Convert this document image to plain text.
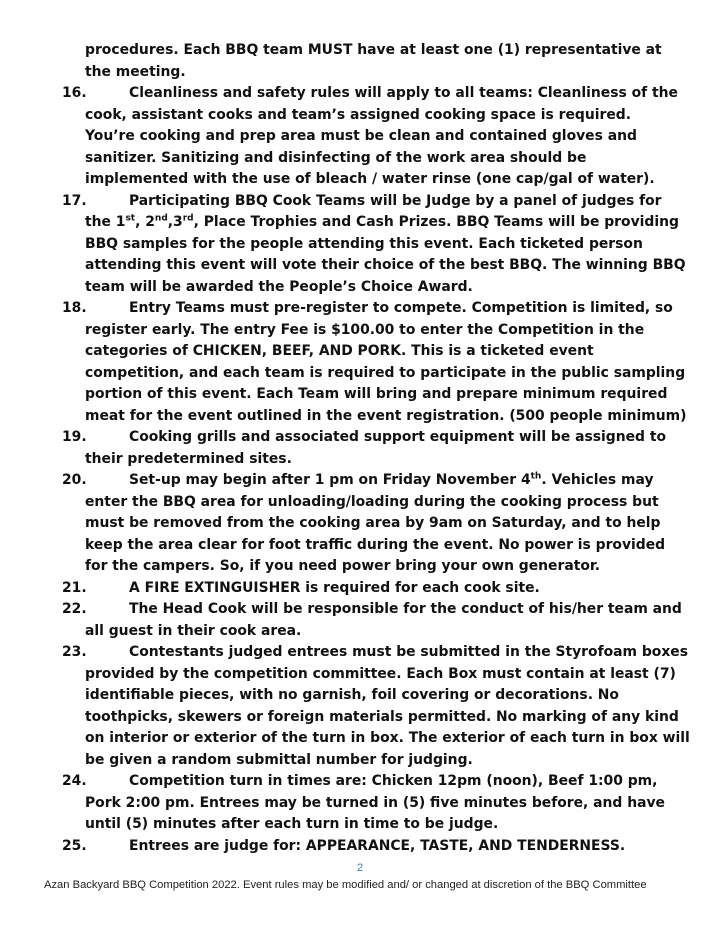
procedures. Each BBQ team MUST have at least one (1) representative at
the meeting.
16.	Cleanliness and safety rules will apply to all teams: Cleanliness of the
cook, assistant cooks and team’s assigned cooking space is required.
You’re cooking and prep area must be clean and contained gloves and
sanitizer. Sanitizing and disinfecting of the work area should be
implemented with the use of bleach / water rinse (one cap/gal of water).
17.	Participating BBQ Cook Teams will be Judge by a panel of judges for
the 1st, 2nd,3rd, Place Trophies and Cash Prizes. BBQ Teams will be providing
BBQ samples for the people attending this event. Each ticketed person
attending this event will vote their choice of the best BBQ. The winning BBQ
team will be awarded the People’s Choice Award.
18.	Entry Teams must pre-register to compete. Competition is limited, so
register early. The entry Fee is $100.00 to enter the Competition in the
categories of CHICKEN, BEEF, AND PORK. This is a ticketed event
competition, and each team is required to participate in the public sampling
portion of this event. Each Team will bring and prepare minimum required
meat for the event outlined in the event registration. (500 people minimum)
19.	Cooking grills and associated support equipment will be assigned to
their predetermined sites.
20.	Set-up may begin after 1 pm on Friday November 4th. Vehicles may
enter the BBQ area for unloading/loading during the cooking process but
must be removed from the cooking area by 9am on Saturday, and to help
keep the area clear for foot traffic during the event. No power is provided
for the campers. So, if you need power bring your own generator.
21.	A FIRE EXTINGUISHER is required for each cook site.
22.	The Head Cook will be responsible for the conduct of his/her team and
all guest in their cook area.
23.	Contestants judged entrees must be submitted in the Styrofoam boxes
provided by the competition committee. Each Box must contain at least (7)
identifiable pieces, with no garnish, foil covering or decorations. No
toothpicks, skewers or foreign materials permitted. No marking of any kind
on interior or exterior of the turn in box. The exterior of each turn in box will
be given a random submittal number for judging.
24.	Competition turn in times are: Chicken 12pm (noon), Beef 1:00 pm,
Pork 2:00 pm. Entrees may be turned in (5) five minutes before, and have
until (5) minutes after each turn in time to be judge.
25.	Entrees are judge for: APPEARANCE, TASTE, AND TENDERNESS.
2
Azan Backyard BBQ Competition 2022. Event rules may be modified and/ or changed at discretion of the BBQ Committee
